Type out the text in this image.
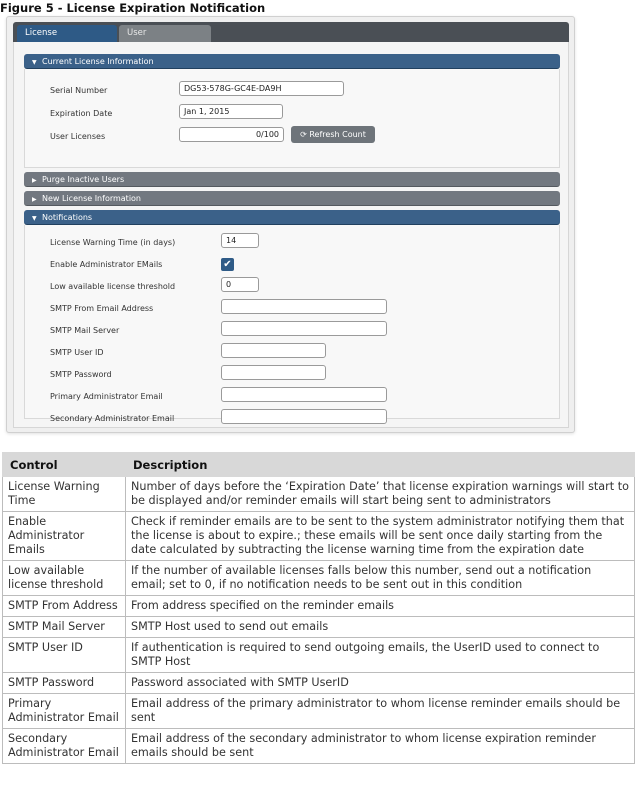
Figure 5 - License Expiration Notification
License	User
▼ Current License Information
Serial Number	DG53-578G-GC4E-DA9H
Expiration Date	Jan 1, 2015
User Licenses	0/100	⟳ Refresh Count
▶ Purge Inactive Users
▶ New License Information
▼ Notifications
License Warning Time (in days)	14
Enable Administrator EMails	✔
Low available license threshold	0
SMTP From Email Address
SMTP Mail Server
SMTP User ID
SMTP Password
Primary Administrator Email
Secondary Administrator Email
Control	Description
License Warning Time	Number of days before the ‘Expiration Date’ that license expiration warnings will start to be displayed and/or reminder emails will start being sent to administrators
Enable Administrator Emails	Check if reminder emails are to be sent to the system administrator notifying them that the license is about to expire.; these emails will be sent once daily starting from the date calculated by subtracting the license warning time from the expiration date
Low available license threshold	If the number of available licenses falls below this number, send out a notification email; set to 0, if no notification needs to be sent out in this condition
SMTP From Address	From address specified on the reminder emails
SMTP Mail Server	SMTP Host used to send out emails
SMTP User ID	If authentication is required to send outgoing emails, the UserID used to connect to SMTP Host
SMTP Password	Password associated with SMTP UserID
Primary Administrator Email	Email address of the primary administrator to whom license reminder emails should be sent
Secondary Administrator Email	Email address of the secondary administrator to whom license expiration reminder emails should be sent
